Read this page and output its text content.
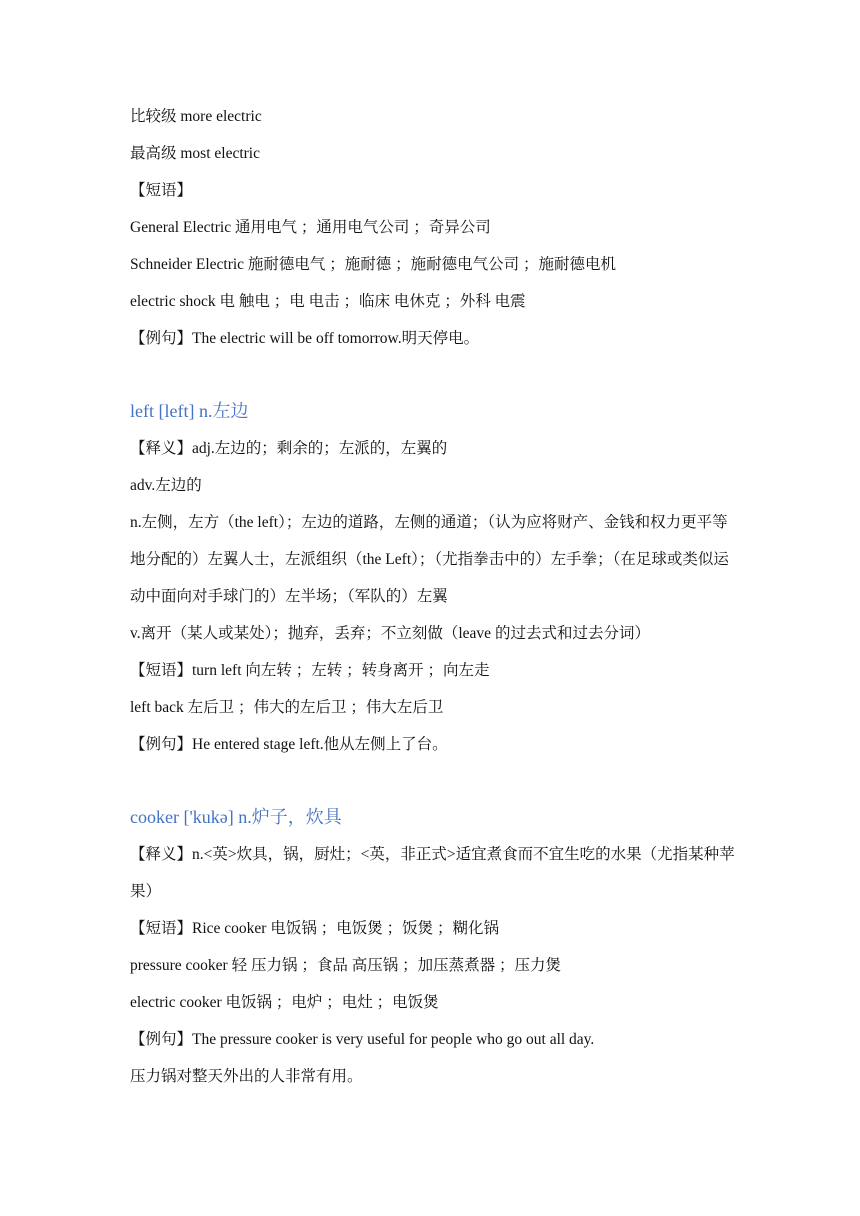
比较级 more electric
最高级 most electric
【短语】
General Electric 通用电气 ；通用电气公司 ；奇异公司
Schneider Electric 施耐德电气 ；施耐德 ；施耐德电气公司 ；施耐德电机
electric shock 电 触电 ；电 电击 ；临床 电休克 ；外科 电震
【例句】The electric will be off tomorrow.明天停电。
left [left] n.左边
【释义】adj.左边的；剩余的；左派的，左翼的
adv.左边的
n.左侧，左方（the left）；左边的道路，左侧的通道；（认为应将财产、金钱和权力更平等地分配的）左翼人士，左派组织（the Left）；（尤指拳击中的）左手拳；（在足球或类似运动中面向对手球门的）左半场；（军队的）左翼
v.离开（某人或某处）；抛弃，丢弃；不立刻做（leave 的过去式和过去分词）
【短语】turn left 向左转 ；左转 ；转身离开 ；向左走
left back 左后卫 ；伟大的左后卫 ；伟大左后卫
【例句】He entered stage left.他从左侧上了台。
cooker ['kukə] n.炉子，炊具
【释义】n.<英>炊具，锅，厨灶；<英，非正式>适宜煮食而不宜生吃的水果（尤指某种苹果）
【短语】Rice cooker 电饭锅 ；电饭煲 ；饭煲 ；糊化锅
pressure cooker 轻 压力锅 ；食品 高压锅 ；加压蒸煮器 ；压力煲
electric cooker 电饭锅 ；电炉 ；电灶 ；电饭煲
【例句】The pressure cooker is very useful for people who go out all day.
压力锅对整天外出的人非常有用。
